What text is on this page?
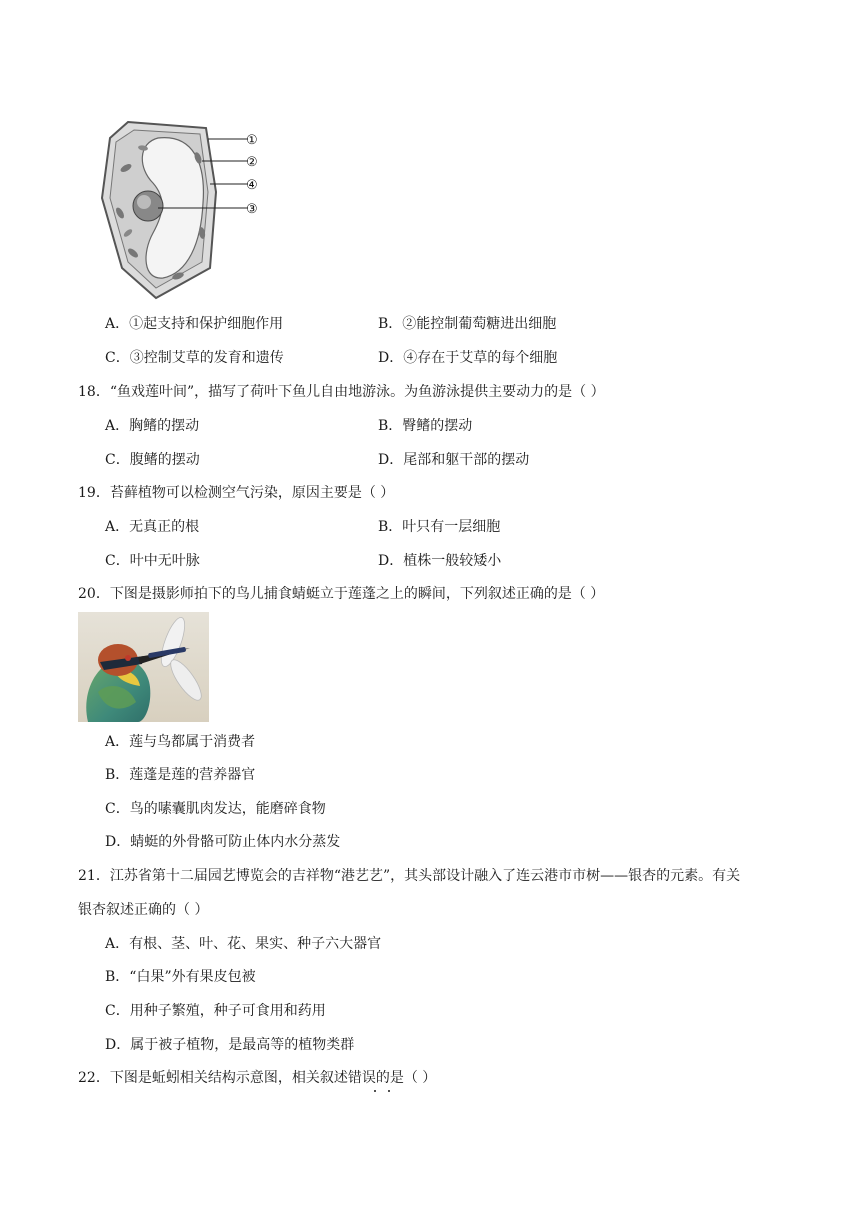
①
②
④
③
A．①起支持和保护细胞作用	B．②能控制葡萄糖进出细胞
C．③控制艾草的发育和遗传	D．④存在于艾草的每个细胞
18．“鱼戏莲叶间”，描写了荷叶下鱼儿自由地游泳。为鱼游泳提供主要动力的是（ ）
A．胸鳍的摆动	B．臀鳍的摆动
C．腹鳍的摆动	D．尾部和躯干部的摆动
19．苔藓植物可以检测空气污染，原因主要是（ ）
A．无真正的根	B．叶只有一层细胞
C．叶中无叶脉	D．植株一般较矮小
20．下图是摄影师拍下的鸟儿捕食蜻蜓立于莲蓬之上的瞬间，下列叙述正确的是（ ）
A．莲与鸟都属于消费者
B．莲蓬是莲的营养器官
C．鸟的嗉囊肌肉发达，能磨碎食物
D．蜻蜓的外骨骼可防止体内水分蒸发
21．江苏省第十二届园艺博览会的吉祥物“港艺艺”，其头部设计融入了连云港市市树——银杏的元素。有关
银杏叙述正确的（ ）
A．有根、茎、叶、花、果实、种子六大器官
B．“白果”外有果皮包被
C．用种子繁殖，种子可食用和药用
D．属于被子植物，是最高等的植物类群
22．下图是蚯蚓相关结构示意图，相关叙述错误的是（ ）
